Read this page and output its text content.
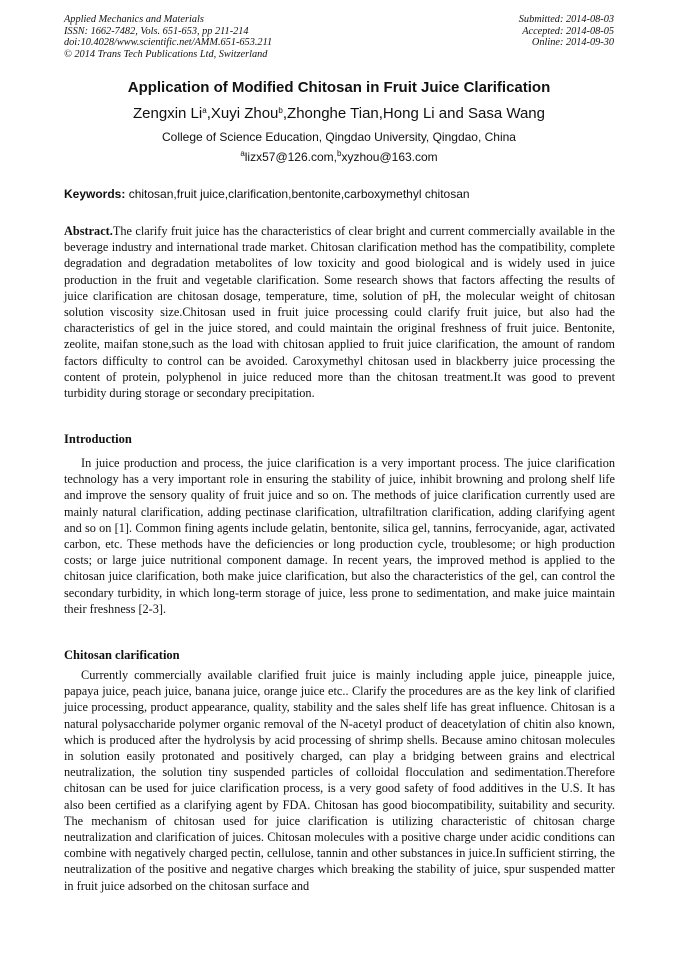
Applied Mechanics and Materials
ISSN: 1662-7482, Vols. 651-653, pp 211-214
doi:10.4028/www.scientific.net/AMM.651-653.211
© 2014 Trans Tech Publications Ltd, Switzerland
Submitted: 2014-08-03
Accepted: 2014-08-05
Online: 2014-09-30
Application of Modified Chitosan in Fruit Juice Clarification
Zengxin Li$^a$,Xuyi Zhou$^b$,Zhonghe Tian,Hong Li and Sasa Wang
College of Science Education, Qingdao University, Qingdao, China
$^a$lizx57@126.com,$^b$xyzhou@163.com
Keywords: chitosan,fruit juice,clarification,bentonite,carboxymethyl chitosan
Abstract.The clarify fruit juice has the characteristics of clear bright and current commercially available in the beverage industry and international trade market. Chitosan clarification method has the compatibility, complete degradation and degradation metabolites of low toxicity and good biological and is widely used in juice production in the fruit and vegetable clarification. Some research shows that factors affecting the results of juice clarification are chitosan dosage, temperature, time, solution of pH, the molecular weight of chitosan solution viscosity size.Chitosan used in fruit juice processing could clarify fruit juice, but also had the characteristics of gel in the juice stored, and could maintain the original freshness of fruit juice. Bentonite, zeolite, maifan stone,such as the load with chitosan applied to fruit juice clarification, the amount of random factors difficulty to control can be avoided. Caroxymethyl chitosan used in blackberry juice processing the content of protein, polyphenol in juice reduced more than the chitosan treatment.It was good to prevent turbidity during storage or secondary precipitation.
Introduction
In juice production and process, the juice clarification is a very important process. The juice clarification technology has a very important role in ensuring the stability of juice, inhibit browning and prolong shelf life and improve the sensory quality of fruit juice and so on. The methods of juice clarification currently used are mainly natural clarification, adding pectinase clarification, ultrafiltration clarification, adding clarifying agent and so on [1]. Common fining agents include gelatin, bentonite, silica gel, tannins, ferrocyanide, agar, activated carbon, etc. These methods have the deficiencies or long production cycle, troublesome; or high production costs; or large juice nutritional component damage. In recent years, the improved method is applied to the chitosan juice clarification, both make juice clarification, but also the characteristics of the gel, can control the secondary turbidity, in which long-term storage of juice, less prone to sedimentation, and make juice maintain their freshness [2-3].
Chitosan clarification
Currently commercially available clarified fruit juice is mainly including apple juice, pineapple juice, papaya juice, peach juice, banana juice, orange juice etc.. Clarify the procedures are as the key link of clarified juice processing, product appearance, quality, stability and the sales shelf life has great influence. Chitosan is a natural polysaccharide polymer organic removal of the N-acetyl product of deacetylation of chitin also known, which is produced after the hydrolysis by acid processing of shrimp shells. Because amino chitosan molecules in solution easily protonated and positively charged, can play a bridging between grains and electrical neutralization, the solution tiny suspended particles of colloidal flocculation and sedimentation.Therefore chitosan can be used for juice clarification process, is a very good safety of food additives in the U.S. It has also been certified as a clarifying agent by FDA. Chitosan has good biocompatibility, suitability and security. The mechanism of chitosan used for juice clarification is utilizing characteristic of chitosan charge neutralization and clarification of juices. Chitosan molecules with a positive charge under acidic conditions can combine with negatively charged pectin, cellulose, tannin and other substances in juice.In sufficient stirring, the neutralization of the positive and negative charges which breaking the stability of juice, spur suspended matter in fruit juice adsorbed on the chitosan surface and
